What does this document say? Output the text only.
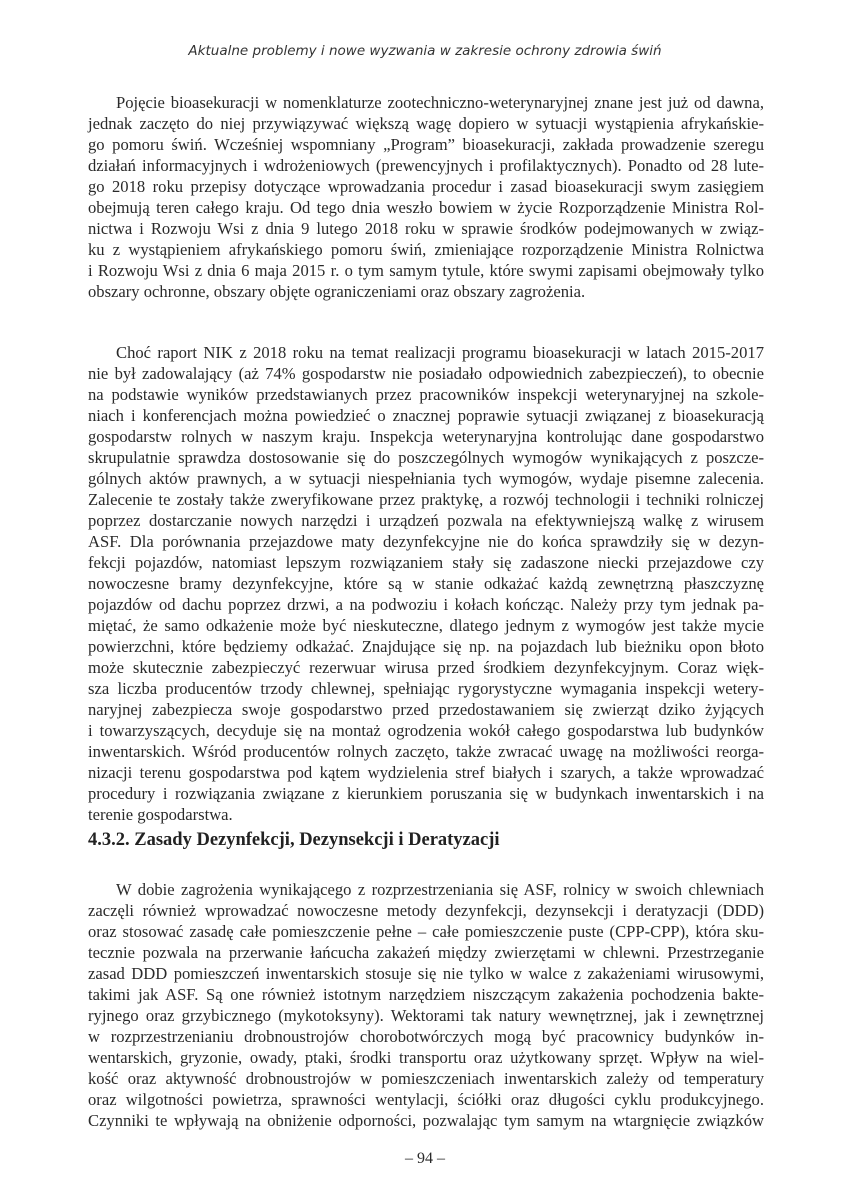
Aktualne problemy i nowe wyzwania w zakresie ochrony zdrowia świń
Pojęcie bioasekuracji w nomenklaturze zootechniczno-weterynaryjnej znane jest już od dawna,
jednak zaczęto do niej przywiązywać większą wagę dopiero w sytuacji wystąpienia afrykańskie-
go pomoru świń. Wcześniej wspomniany „Program” bioasekuracji, zakłada prowadzenie szeregu
działań informacyjnych i wdrożeniowych (prewencyjnych i profilaktycznych). Ponadto od 28 lute-
go 2018 roku przepisy dotyczące wprowadzania procedur i zasad bioasekuracji swym zasięgiem
obejmują teren całego kraju. Od tego dnia weszło bowiem w życie Rozporządzenie Ministra Rol-
nictwa i Rozwoju Wsi z dnia 9 lutego 2018 roku w sprawie środków podejmowanych w związ-
ku z wystąpieniem afrykańskiego pomoru świń, zmieniające rozporządzenie Ministra Rolnictwa
i Rozwoju Wsi z dnia 6 maja 2015 r. o tym samym tytule, które swymi zapisami obejmowały tylko
obszary ochronne, obszary objęte ograniczeniami oraz obszary zagrożenia.
Choć raport NIK z 2018 roku na temat realizacji programu bioasekuracji w latach 2015-2017
nie był zadowalający (aż 74% gospodarstw nie posiadało odpowiednich zabezpieczeń), to obecnie
na podstawie wyników przedstawianych przez pracowników inspekcji weterynaryjnej na szkole-
niach i konferencjach można powiedzieć o znacznej poprawie sytuacji związanej z bioasekuracją
gospodarstw rolnych w naszym kraju. Inspekcja weterynaryjna kontrolując dane gospodarstwo
skrupulatnie sprawdza dostosowanie się do poszczególnych wymogów wynikających z poszcze-
gólnych aktów prawnych, a w sytuacji niespełniania tych wymogów, wydaje pisemne zalecenia.
Zalecenie te zostały także zweryfikowane przez praktykę, a rozwój technologii i techniki rolniczej
poprzez dostarczanie nowych narzędzi i urządzeń pozwala na efektywniejszą walkę z wirusem
ASF. Dla porównania przejazdowe maty dezynfekcyjne nie do końca sprawdziły się w dezyn-
fekcji pojazdów, natomiast lepszym rozwiązaniem stały się zadaszone niecki przejazdowe czy
nowoczesne bramy dezynfekcyjne, które są w stanie odkażać każdą zewnętrzną płaszczyznę
pojazdów od dachu poprzez drzwi, a na podwoziu i kołach kończąc. Należy przy tym jednak pa-
miętać, że samo odkażenie może być nieskuteczne, dlatego jednym z wymogów jest także mycie
powierzchni, które będziemy odkażać. Znajdujące się np. na pojazdach lub bieżniku opon błoto
może skutecznie zabezpieczyć rezerwuar wirusa przed środkiem dezynfekcyjnym. Coraz więk-
sza liczba producentów trzody chlewnej, spełniając rygorystyczne wymagania inspekcji wetery-
naryjnej zabezpiecza swoje gospodarstwo przed przedostawaniem się zwierząt dziko żyjących
i towarzyszących, decyduje się na montaż ogrodzenia wokół całego gospodarstwa lub budynków
inwentarskich. Wśród producentów rolnych zaczęto, także zwracać uwagę na możliwości reorga-
nizacji terenu gospodarstwa pod kątem wydzielenia stref białych i szarych, a także wprowadzać
procedury i rozwiązania związane z kierunkiem poruszania się w budynkach inwentarskich i na
terenie gospodarstwa.
4.3.2. Zasady Dezynfekcji, Dezynsekcji i Deratyzacji
W dobie zagrożenia wynikającego z rozprzestrzeniania się ASF, rolnicy w swoich chlewniach
zaczęli również wprowadzać nowoczesne metody dezynfekcji, dezynsekcji i deratyzacji (DDD)
oraz stosować zasadę całe pomieszczenie pełne – całe pomieszczenie puste (CPP-CPP), która sku-
tecznie pozwala na przerwanie łańcucha zakażeń między zwierzętami w chlewni. Przestrzeganie
zasad DDD pomieszczeń inwentarskich stosuje się nie tylko w walce z zakażeniami wirusowymi,
takimi jak ASF. Są one również istotnym narzędziem niszczącym zakażenia pochodzenia bakte-
ryjnego oraz grzybicznego (mykotoksyny). Wektorami tak natury wewnętrznej, jak i zewnętrznej
w rozprzestrzenianiu drobnoustrojów chorobotwórczych mogą być pracownicy budynków in-
wentarskich, gryzonie, owady, ptaki, środki transportu oraz użytkowany sprzęt. Wpływ na wiel-
kość oraz aktywność drobnoustrojów w pomieszczeniach inwentarskich zależy od temperatury
oraz wilgotności powietrza, sprawności wentylacji, ściółki oraz długości cyklu produkcyjnego.
Czynniki te wpływają na obniżenie odporności, pozwalając tym samym na wtargnięcie związków
– 94 –
